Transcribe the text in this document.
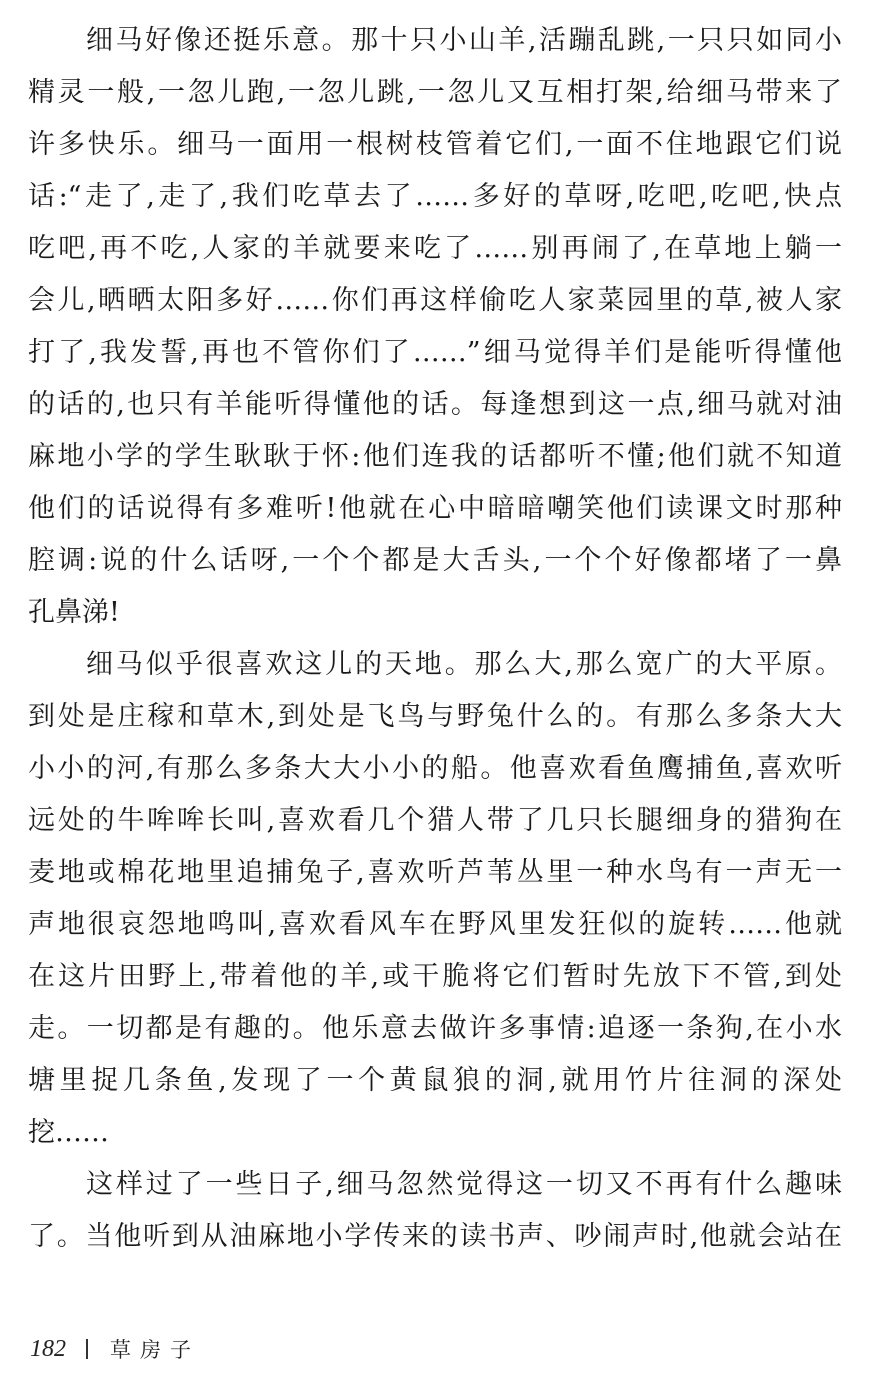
细马好像还挺乐意。那十只小山羊,活蹦乱跳,一只只如同小
精灵一般,一忽儿跑,一忽儿跳,一忽儿又互相打架,给细马带来了
许多快乐。细马一面用一根树枝管着它们,一面不住地跟它们说
话:“走了,走了,我们吃草去了……多好的草呀,吃吧,吃吧,快点
吃吧,再不吃,人家的羊就要来吃了……别再闹了,在草地上躺一
会儿,晒晒太阳多好……你们再这样偷吃人家菜园里的草,被人家
打了,我发誓,再也不管你们了……”细马觉得羊们是能听得懂他
的话的,也只有羊能听得懂他的话。每逢想到这一点,细马就对油
麻地小学的学生耿耿于怀:他们连我的话都听不懂;他们就不知道
他们的话说得有多难听!他就在心中暗暗嘲笑他们读课文时那种
腔调:说的什么话呀,一个个都是大舌头,一个个好像都堵了一鼻
孔鼻涕!
细马似乎很喜欢这儿的天地。那么大,那么宽广的大平原。
到处是庄稼和草木,到处是飞鸟与野兔什么的。有那么多条大大
小小的河,有那么多条大大小小的船。他喜欢看鱼鹰捕鱼,喜欢听
远处的牛哞哞长叫,喜欢看几个猎人带了几只长腿细身的猎狗在
麦地或棉花地里追捕兔子,喜欢听芦苇丛里一种水鸟有一声无一
声地很哀怨地鸣叫,喜欢看风车在野风里发狂似的旋转……他就
在这片田野上,带着他的羊,或干脆将它们暂时先放下不管,到处
走。一切都是有趣的。他乐意去做许多事情:追逐一条狗,在小水
塘里捉几条鱼,发现了一个黄鼠狼的洞,就用竹片往洞的深处
挖……
这样过了一些日子,细马忽然觉得这一切又不再有什么趣味
了。当他听到从油麻地小学传来的读书声、吵闹声时,他就会站在
182 草房子
